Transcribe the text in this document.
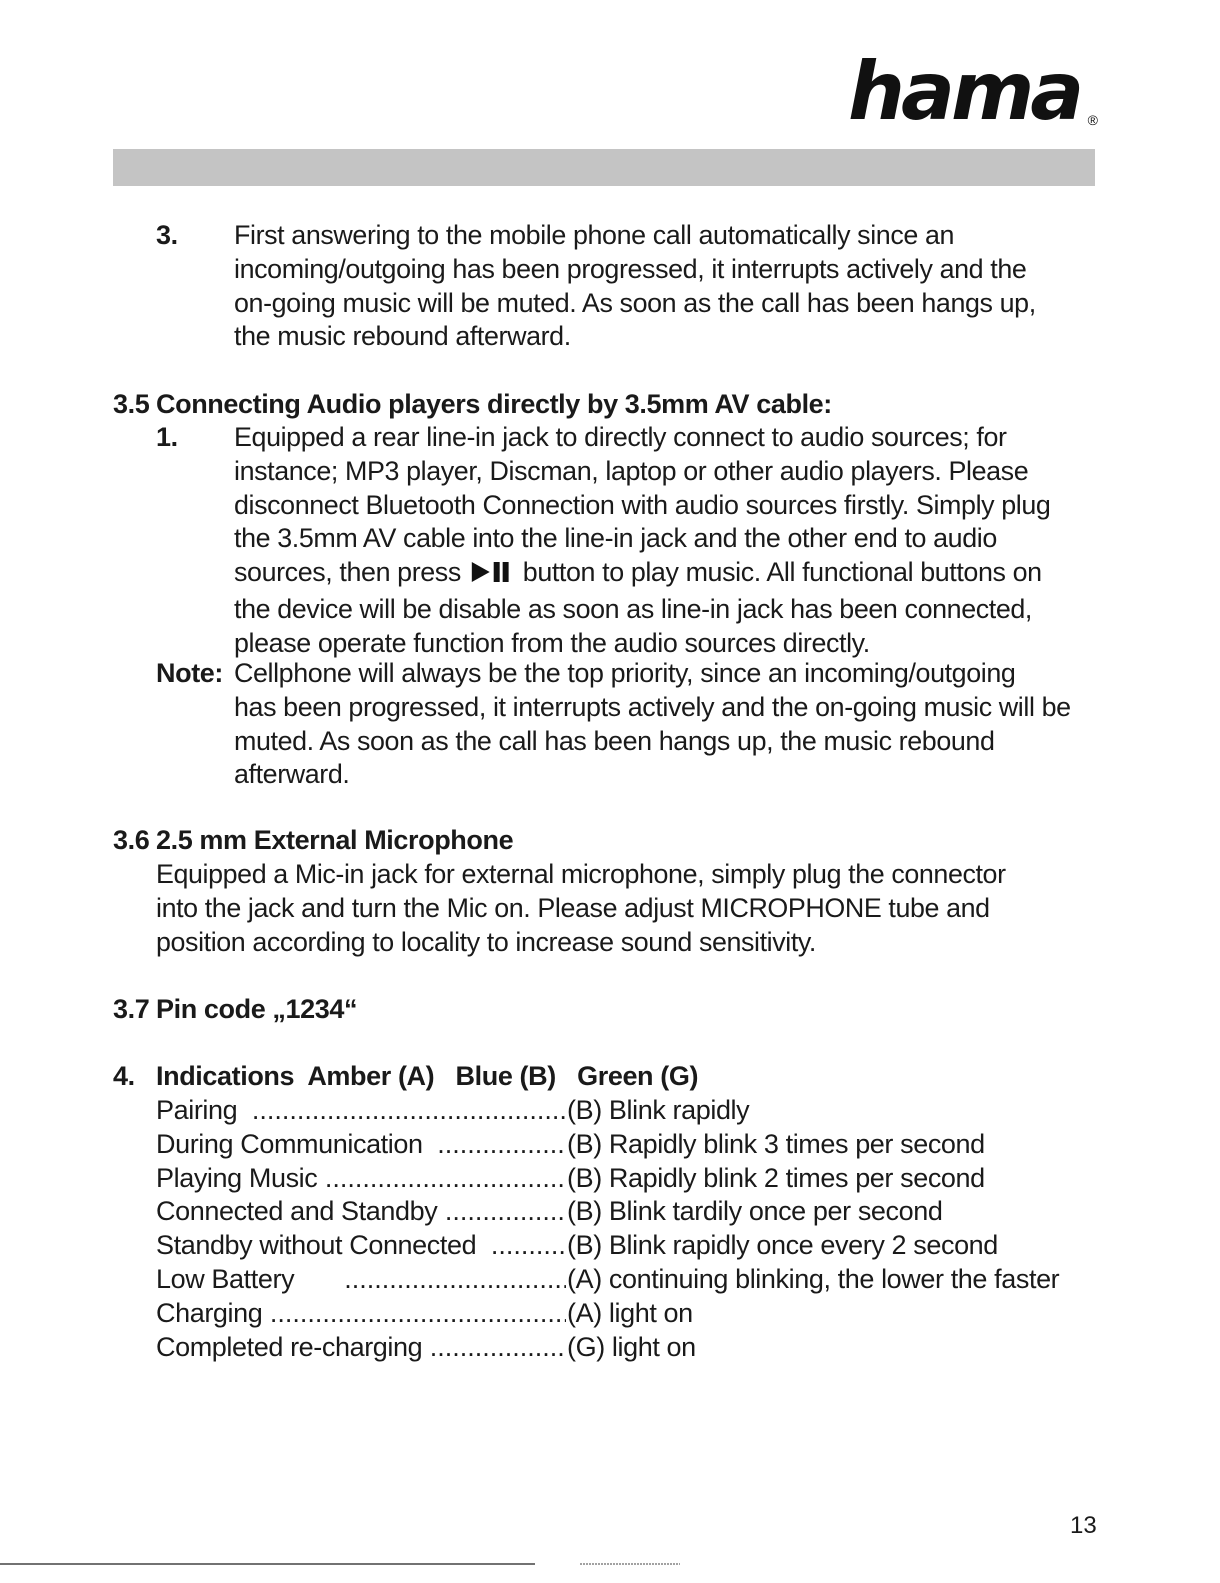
hama ®
3. First answering to the mobile phone call automatically since an
incoming/outgoing has been progressed, it interrupts actively and the
on-going music will be muted. As soon as the call has been hangs up,
the music rebound afterward.
3.5 Connecting Audio players directly by 3.5mm AV cable:
1. Equipped a rear line-in jack to directly connect to audio sources; for
instance; MP3 player, Discman, laptop or other audio players. Please
disconnect Bluetooth Connection with audio sources firstly. Simply plug
the 3.5mm AV cable into the line-in jack and the other end to audio
sources, then press  button to play music. All functional buttons on
the device will be disable as soon as line-in jack has been connected,
please operate function from the audio sources directly.
Note: Cellphone will always be the top priority, since an incoming/outgoing
has been progressed, it interrupts actively and the on-going music will be
muted. As soon as the call has been hangs up, the music rebound
afterward.
3.6 2.5 mm External Microphone
Equipped a Mic-in jack for external microphone, simply plug the connector
into the jack and turn the Mic on. Please adjust MICROPHONE tube and
position according to locality to increase sound sensitivity.
3.7 Pin code „1234“
4. Indications  Amber (A)   Blue (B)   Green (G)
Pairing  .....	(B) Blink rapidly
During Communication  .....	(B) Rapidly blink 3 times per second
Playing Music .....	(B) Rapidly blink 2 times per second
Connected and Standby .....	(B) Blink tardily once per second
Standby without Connected  .....	(B) Blink rapidly once every 2 second
Low Battery       .....	(A) continuing blinking, the lower the faster
Charging .....	(A) light on
Completed re-charging .....	(G) light on
13
